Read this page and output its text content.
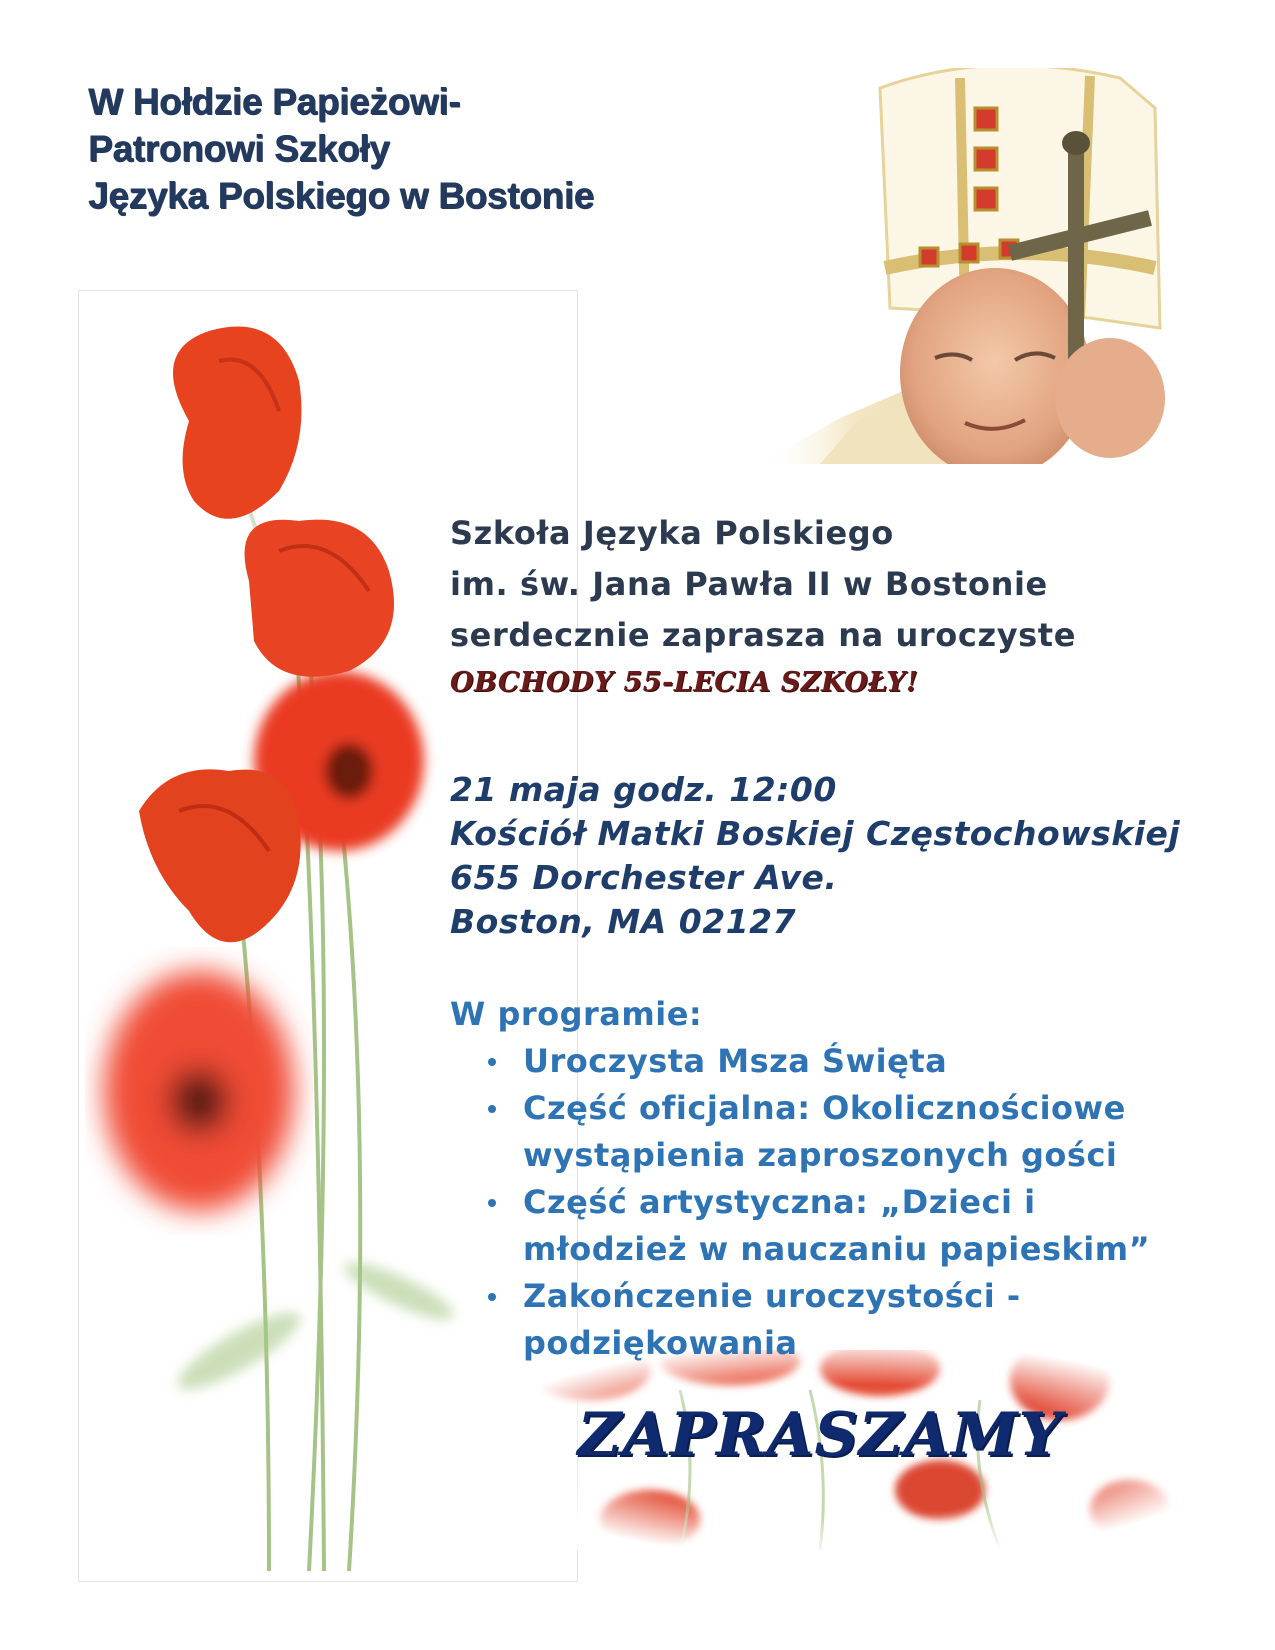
W Hołdzie Papieżowi-
Patronowi Szkoły
Języka Polskiego w Bostonie
Szkoła Języka Polskiego
im. św. Jana Pawła II w Bostonie
serdecznie zaprasza na uroczyste
OBCHODY 55-LECIA SZKOŁY!
21 maja godz. 12:00
Kościół Matki Boskiej Częstochowskiej
655 Dorchester Ave.
Boston, MA 02127
W programie:
Uroczysta Msza Święta
Część oficjalna: Okolicznościowe
wystąpienia zaproszonych gości
Część artystyczna: „Dzieci i
młodzież w nauczaniu papieskim”
Zakończenie uroczystości -
podziękowania
ZAPRASZAMY
